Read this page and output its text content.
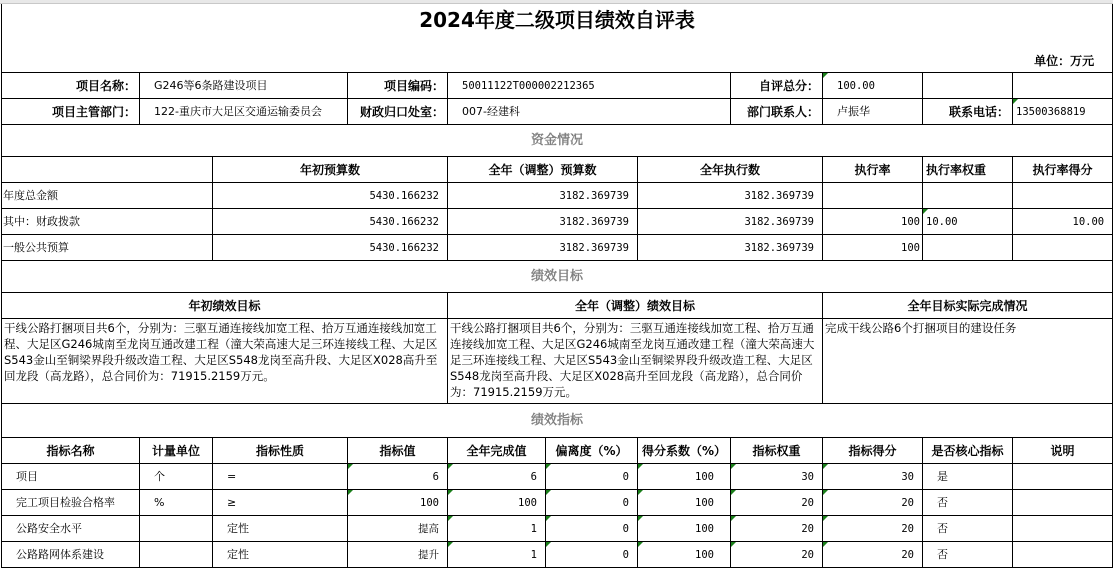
2024年度二级项目绩效自评表
单位：万元										

项目名称：	G246等6条路建设项目		项目编码：	50011122T000002212365			自评总分：	100.00		
项目主管部门：	122-重庆市大足区交通运输委员会		财政归口处室：	007-经建科			部门联系人：	卢振华	联系电话：	13500368819
资金情况										
		年初预算数		全年（调整）预算数		全年执行数		执行率	执行率权重	执行率得分
年度总金额		5430.166232		3182.369739		3182.369739				
其中：财政拨款		5430.166232		3182.369739		3182.369739		100	10.00	10.00
一般公共预算		5430.166232		3182.369739		3182.369739		100		
绩效目标										
年初绩效目标				全年（调整）绩效目标				全年目标实际完成情况		
干线公路打捆项目共6个，分别为：三驱互通连接线加宽工程、拾万互通连接线加宽工程、大足区G246城南至龙岗互通改建工程（潼大荣高速大足三环连接线工程、大足区S543金山至铜梁界段升级改造工程、大足区S548龙岗至高升段、大足区X028高升至回龙段（高龙路），总合同价为：71915.2159万元。				干线公路打捆项目共6个，分别为：三驱互通连接线加宽工程、拾万互通连接线加宽工程、大足区G246城南至龙岗互通改建工程（潼大荣高速大足三环连接线工程、大足区S543金山至铜梁界段升级改造工程、大足区S548龙岗至高升段、大足区X028高升至回龙段（高龙路），总合同价为：71915.2159万元。				完成干线公路6个打捆项目的建设任务		
绩效指标										
指标名称	计量单位	指标性质	指标值	全年完成值	偏离度（%）	得分系数（%）	指标权重	指标得分	是否核心指标	说明
项目	个	=	6	6	0	100	30	30	是	
完工项目检验合格率	%	≥	100	100	0	100	20	20	否	
公路安全水平		定性	提高	1	0	100	20	20	否	
公路路网体系建设		定性	提升	1	0	100	20	20	否	
